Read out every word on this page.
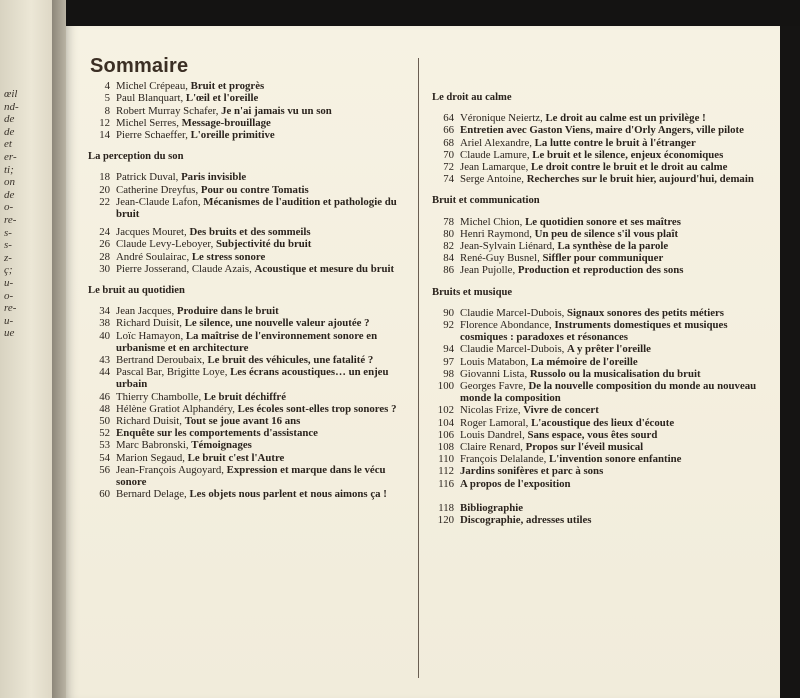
œil
nd-
de
de
et
er-
ti;
on
de
o-
re-
s-
s-
z-
ç;
u-
o-
re-
u-
ue
Sommaire
4 Michel Crépeau, Bruit et progrès
5 Paul Blanquart, L'œil et l'oreille
8 Robert Murray Schafer, Je n'ai jamais vu un son
12 Michel Serres, Message-brouillage
14 Pierre Schaeffer, L'oreille primitive
La perception du son
18 Patrick Duval, Paris invisible
20 Catherine Dreyfus, Pour ou contre Tomatis
22 Jean-Claude Lafon, Mécanismes de l'audition et pathologie du bruit
24 Jacques Mouret, Des bruits et des sommeils
26 Claude Levy-Leboyer, Subjectivité du bruit
28 André Soulairac, Le stress sonore
30 Pierre Josserand, Claude Azais, Acoustique et mesure du bruit
Le bruit au quotidien
34 Jean Jacques, Produire dans le bruit
38 Richard Duisit, Le silence, une nouvelle valeur ajoutée ?
40 Loïc Hamayon, La maîtrise de l'environnement sonore en urbanisme et en architecture
43 Bertrand Deroubaix, Le bruit des véhicules, une fatalité ?
44 Pascal Bar, Brigitte Loye, Les écrans acoustiques… un enjeu urbain
46 Thierry Chambolle, Le bruit déchiffré
48 Hélène Gratiot Alphandéry, Les écoles sont-elles trop sonores ?
50 Richard Duisit, Tout se joue avant 16 ans
52 Enquête sur les comportements d'assistance
53 Marc Babronski, Témoignages
54 Marion Segaud, Le bruit c'est l'Autre
56 Jean-François Augoyard, Expression et marque dans le vécu sonore
60 Bernard Delage, Les objets nous parlent et nous aimons ça !
Le droit au calme
64 Véronique Neiertz, Le droit au calme est un privilège !
66 Entretien avec Gaston Viens, maire d'Orly Angers, ville pilote
68 Ariel Alexandre, La lutte contre le bruit à l'étranger
70 Claude Lamure, Le bruit et le silence, enjeux économiques
72 Jean Lamarque, Le droit contre le bruit et le droit au calme
74 Serge Antoine, Recherches sur le bruit hier, aujourd'hui, demain
Bruit et communication
78 Michel Chion, Le quotidien sonore et ses maîtres
80 Henri Raymond, Un peu de silence s'il vous plaît
82 Jean-Sylvain Liénard, La synthèse de la parole
84 René-Guy Busnel, Siffler pour communiquer
86 Jean Pujolle, Production et reproduction des sons
Bruits et musique
90 Claudie Marcel-Dubois, Signaux sonores des petits métiers
92 Florence Abondance, Instruments domestiques et musiques cosmiques : paradoxes et résonances
94 Claudie Marcel-Dubois, A y prêter l'oreille
97 Louis Matabon, La mémoire de l'oreille
98 Giovanni Lista, Russolo ou la musicalisation du bruit
100 Georges Favre, De la nouvelle composition du monde au nouveau monde la composition
102 Nicolas Frize, Vivre de concert
104 Roger Lamoral, L'acoustique des lieux d'écoute
106 Louis Dandrel, Sans espace, vous êtes sourd
108 Claire Renard, Propos sur l'éveil musical
110 François Delalande, L'invention sonore enfantine
112 Jardins sonifères et parc à sons
116 A propos de l'exposition
118 Bibliographie
120 Discographie, adresses utiles
